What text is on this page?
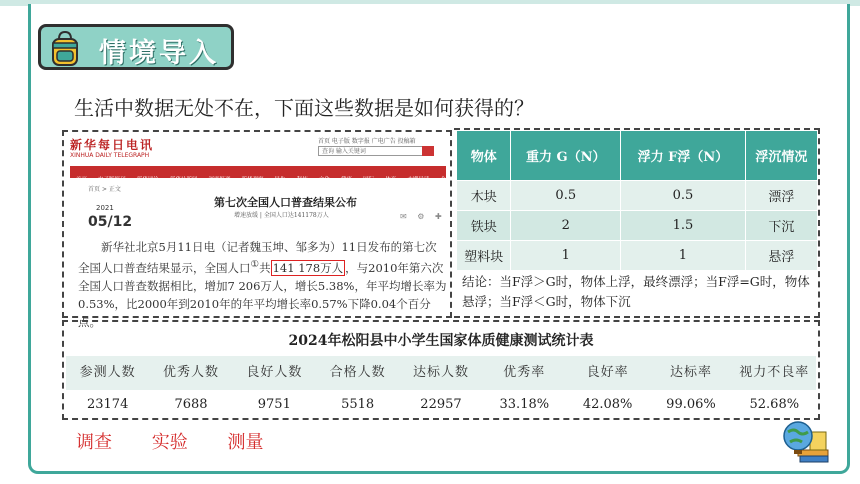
情境导入
生活中数据无处不在，下面这些数据是如何获得的？
新华每日电讯
XINHUA DAILY TELEGRAPH
首页 电子版 数字报 广电广告 投稿箱
查询 输入关键词
首页 电子版报刊 新华评论 新华社新闻 深度报道 新华观察 民生 科技 文化 健康 国际 体育 本期导读 今日焦点
首页 > 正文
2021
05/12
第七次全国人口普查结果公布
增速放缓 | 全国人口达141178万人	✉ ⚙ ✚
新华社北京5月11日电（记者魏玉坤、邹多为）11日发布的第七次全国人口普查结果显示，全国人口①共 141 178万人 ，与2010年第六次全国人口普查数据相比，增加7 206万人，增长5.38%，年平均增长率为0.53%，比2000年到2010年的年平均增长率0.57%下降0.04个百分点。
物体	重力 G（N）	浮力 F浮（N）	浮沉情况
木块	0.5	0.5	漂浮
铁块	2	1.5	下沉
塑料块	1	1	悬浮
结论：当F浮＞G时，物体上浮，最终漂浮；当F浮=G时，物体悬浮；当F浮＜G时，物体下沉
2024年松阳县中小学生国家体质健康测试统计表
参测人数	优秀人数	良好人数	合格人数	达标人数	优秀率	良好率	达标率	视力不良率
23174	7688	9751	5518	22957	33.18%	42.08%	99.06%	52.68%
调查 实验 测量
